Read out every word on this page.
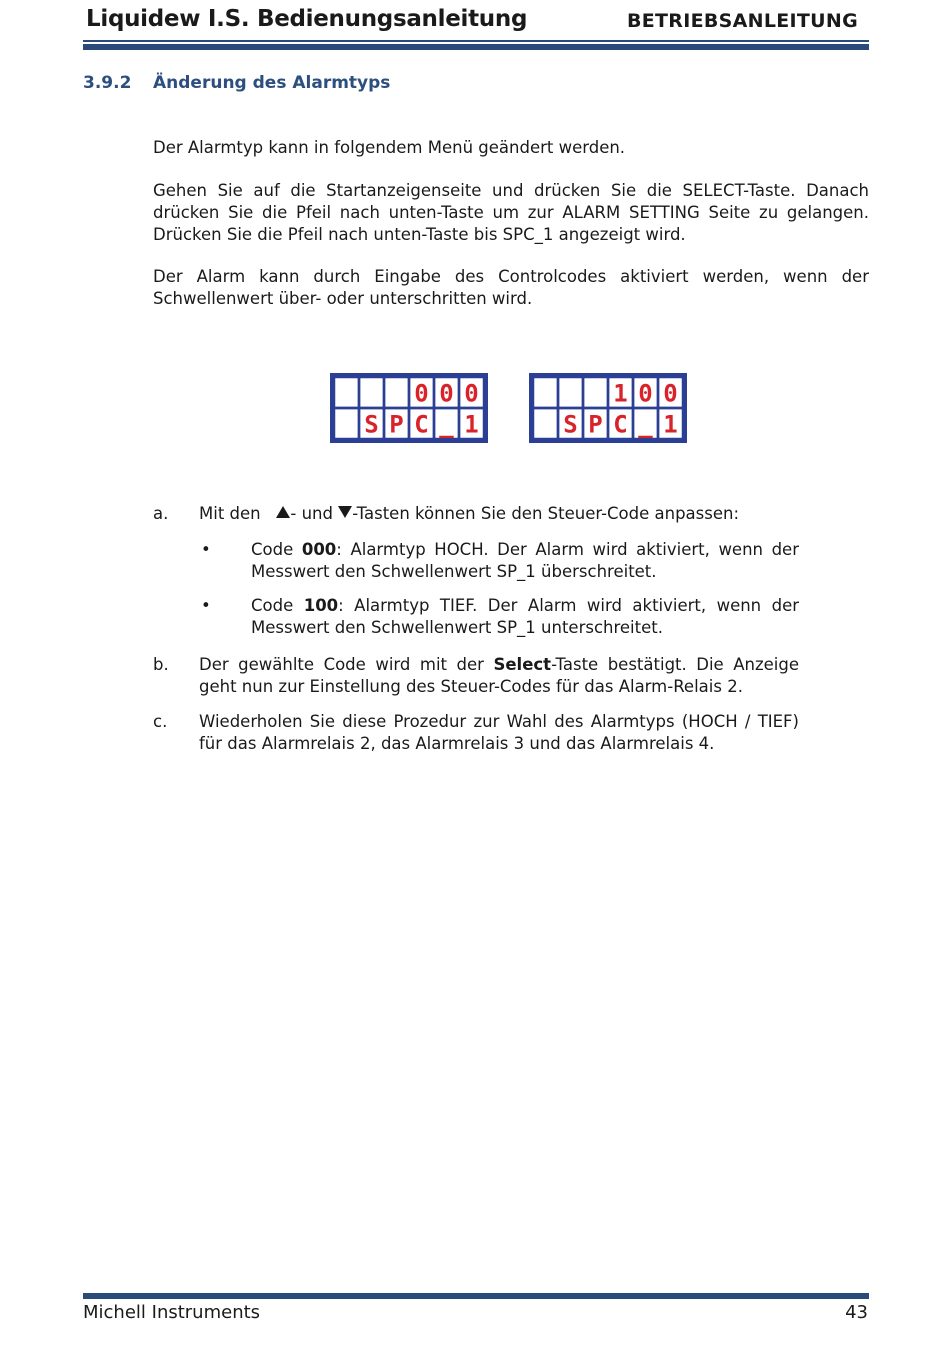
Liquidew I.S. Bedienungsanleitung	BETRIEBSANLEITUNG
3.9.2 Änderung des Alarmtyps
Der Alarmtyp kann in folgendem Menü geändert werden.
Gehen Sie auf die Startanzeigenseite und drücken Sie die SELECT-Taste. Danach drücken Sie die Pfeil nach unten-Taste um zur ALARM SETTING Seite zu gelangen. Drücken Sie die Pfeil nach unten-Taste bis SPC_1 angezeigt wird.
Der Alarm kann durch Eingabe des Controlcodes aktiviert werden, wenn der Schwellenwert über- oder unterschritten wird.
0 0 0
S P C _ 1
1 0 0
S P C _ 1
a. Mit den - und -Tasten können Sie den Steuer-Code anpassen:
• Code 000: Alarmtyp HOCH. Der Alarm wird aktiviert, wenn der Messwert den Schwellenwert SP_1 überschreitet.
• Code 100: Alarmtyp TIEF. Der Alarm wird aktiviert, wenn der Messwert den Schwellenwert SP_1 unterschreitet.
b. Der gewählte Code wird mit der Select-Taste bestätigt. Die Anzeige geht nun zur Einstellung des Steuer-Codes für das Alarm-Relais 2.
c. Wiederholen Sie diese Prozedur zur Wahl des Alarmtyps (HOCH / TIEF) für das Alarmrelais 2, das Alarmrelais 3 und das Alarmrelais 4.
Michell Instruments	43
